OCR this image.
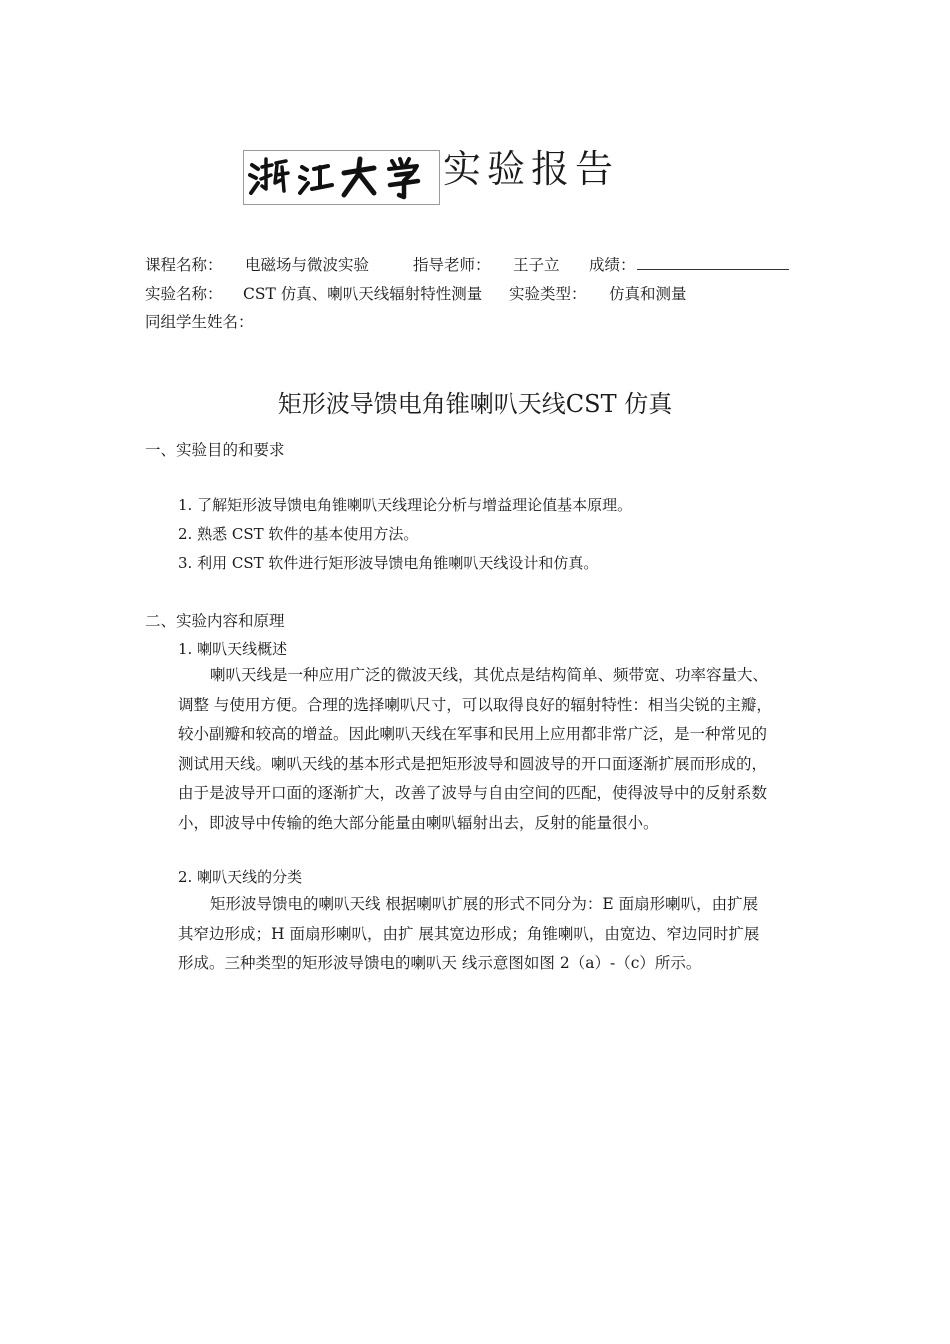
实验报告
课程名称： 电磁场与微波实验	指导老师： 王子立 成绩：
实验名称： CST 仿真、喇叭天线辐射特性测量 实验类型： 仿真和测量
同组学生姓名：
矩形波导馈电角锥喇叭天线CST 仿真
一、实验目的和要求
1. 了解矩形波导馈电角锥喇叭天线理论分析与增益理论值基本原理。
2. 熟悉 CST 软件的基本使用方法。
3. 利用 CST 软件进行矩形波导馈电角锥喇叭天线设计和仿真。
二、实验内容和原理
1. 喇叭天线概述
喇叭天线是一种应用广泛的微波天线，其优点是结构简单、频带宽、功率容量大、
调整 与使用方便。合理的选择喇叭尺寸，可以取得良好的辐射特性：相当尖锐的主瓣，
较小副瓣和较高的增益。因此喇叭天线在军事和民用上应用都非常广泛，是一种常见的
测试用天线。喇叭天线的基本形式是把矩形波导和圆波导的开口面逐渐扩展而形成的，
由于是波导开口面的逐渐扩大，改善了波导与自由空间的匹配，使得波导中的反射系数
小，即波导中传输的绝大部分能量由喇叭辐射出去，反射的能量很小。
2. 喇叭天线的分类
矩形波导馈电的喇叭天线 根据喇叭扩展的形式不同分为：E 面扇形喇叭，由扩展
其窄边形成；H 面扇形喇叭，由扩 展其宽边形成；角锥喇叭，由宽边、窄边同时扩展
形成。三种类型的矩形波导馈电的喇叭天 线示意图如图 2（a）-（c）所示。
